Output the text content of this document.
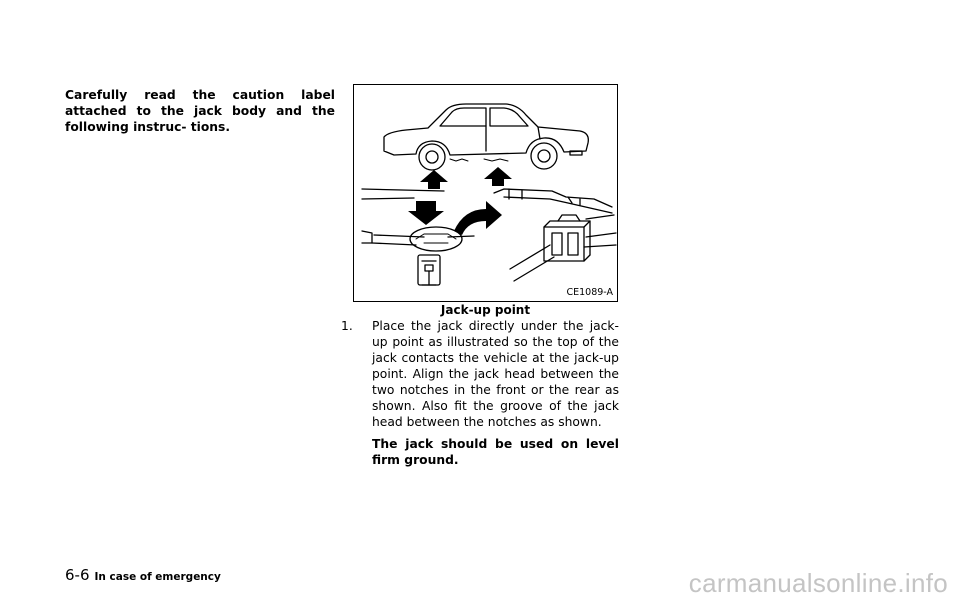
Carefully read the caution label attached to the jack body and the following instruc- tions.

CE1089-A

Jack-up point

1. Place the jack directly under the jack-up point as illustrated so the top of the jack contacts the vehicle at the jack-up point. Align the jack head between the two notches in the front or the rear as shown. Also fit the groove of the jack head between the notches as shown.

The jack should be used on level firm ground.

6-6 In case of emergency	carmanualsonline.info
